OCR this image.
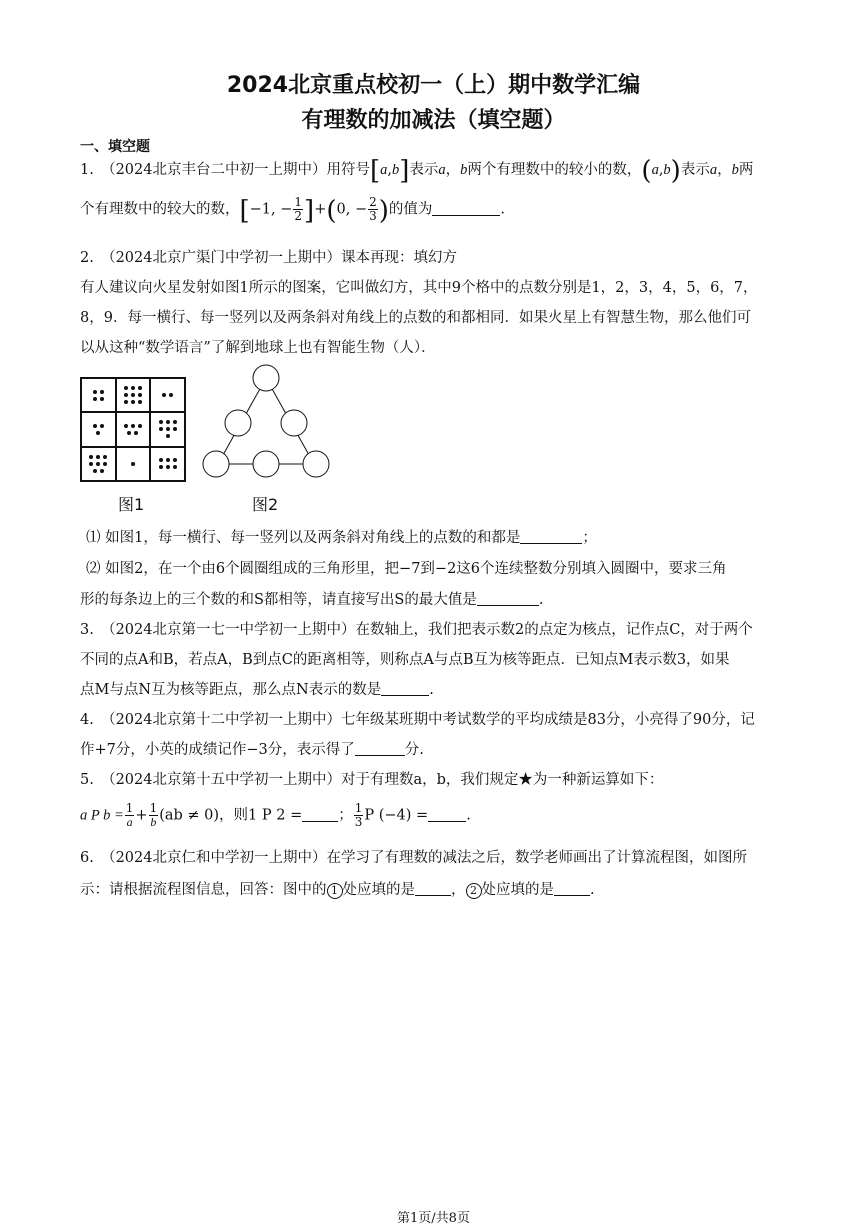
2024北京重点校初一（上）期中数学汇编
有理数的加减法（填空题）
一、填空题
1.　（2024北京丰台二中初一上期中）用符号[a,b]表示a，b两个有理数中的较小的数，(a,b)表示a，b两
个有理数中的较大的数，[−1, − $\frac{1}{2} ]+(0$, − $\frac{2}{3}$ )的值为	.
2.　（2024北京广渠门中学初一上期中）课本再现：填幻方
有人建议向火星发射如图1所示的图案，它叫做幻方，其中9个格中的点数分别是1，2，3，4，5，6，7，
8，9．每一横行、每一竖列以及两条斜对角线上的点数的和都相同．如果火星上有智慧生物，那么他们可
以从这种“数学语言”了解到地球上也有智能生物（人）．
图1	图2
⑴ 如图1，每一横行、每一竖列以及两条斜对角线上的点数的和都是	；
⑵ 如图2，在一个由6个圆圈组成的三角形里，把−7到−2这6个连续整数分别填入圆圈中，要求三角
形的每条边上的三个数的和S都相等，请直接写出S的最大值是	.
3.　（2024北京第一七一中学初一上期中）在数轴上，我们把表示数2的点定为核点，记作点C，对于两个
不同的点A和B，若点A，B到点C的距离相等，则称点A与点B互为核等距点．已知点M表示数3，如果
点M与点N互为核等距点，那么点N表示的数是	.
4.　（2024北京第十二中学初一上期中）七年级某班期中考试数学的平均成绩是83分，小亮得了90分，记
作+7分，小英的成绩记作−3分，表示得了	分.
5.　（2024北京第十五中学初一上期中）对于有理数a，b，我们规定★为一种新运算如下：
a P $b = \frac{1}{a} + \frac{1}{b} (ab \ne 0)$，则1 P 2 = ； $\frac{1}{3}$ P (−4) =	.
6.　（2024北京仁和中学初一上期中）在学习了有理数的减法之后，数学老师画出了计算流程图，如图所
示：请根据流程图信息，回答：图中的 1 处应填的是 ， 2 处应填的是 .
第1页/共8页
